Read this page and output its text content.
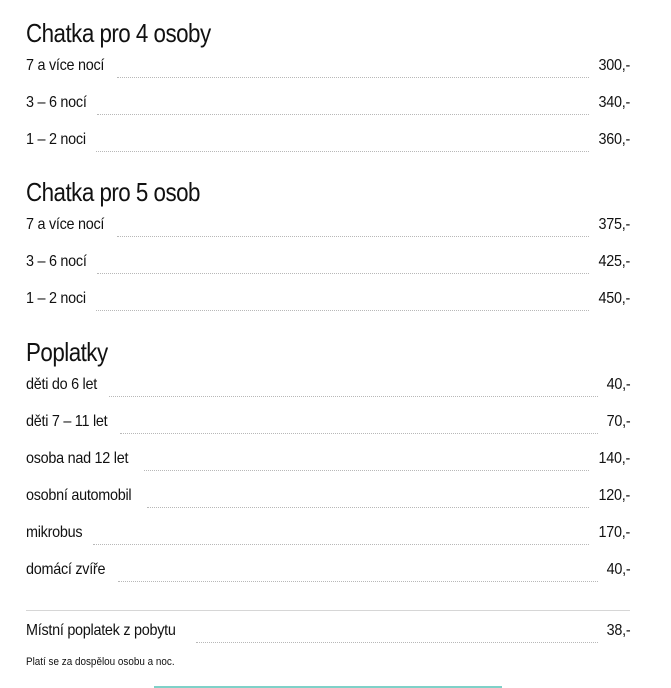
Chatka pro 4 osoby
7 a více nocí	300,-
3 – 6 nocí	340,-
1 – 2 noci	360,-
Chatka pro 5 osob
7 a více nocí	375,-
3 – 6 nocí	425,-
1 – 2 noci	450,-
Poplatky
děti do 6 let	40,-
děti 7 – 11 let	70,-
osoba nad 12 let	140,-
osobní automobil	120,-
mikrobus	170,-
domácí zvíře	40,-
Místní poplatek z pobytu	38,-
Platí se za dospělou osobu a noc.
